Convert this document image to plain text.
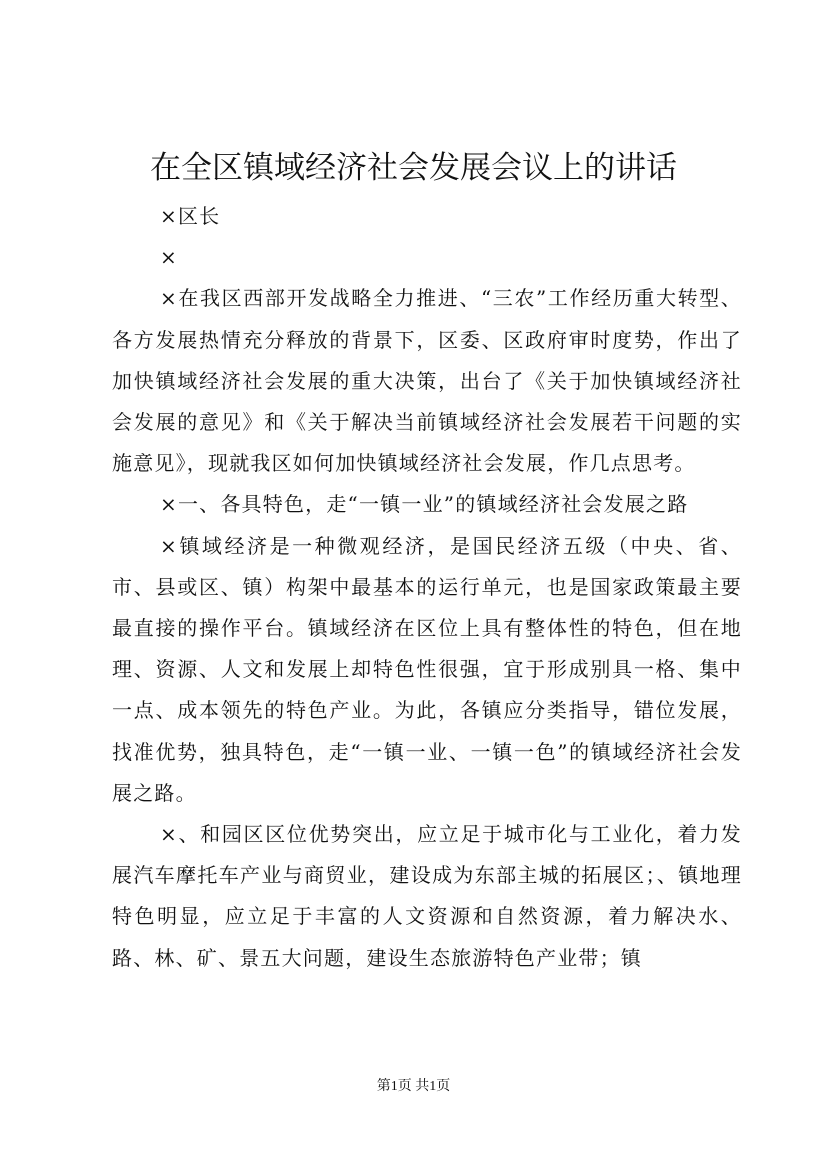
在全区镇域经济社会发展会议上的讲话

×区长

×

×在我区西部开发战略全力推进、“三农”工作经历重大转型、各方发展热情充分释放的背景下，区委、区政府审时度势，作出了加快镇域经济社会发展的重大决策，出台了《关于加快镇域经济社会发展的意见》和《关于解决当前镇域经济社会发展若干问题的实施意见》，现就我区如何加快镇域经济社会发展，作几点思考。

×一、各具特色，走“一镇一业”的镇域经济社会发展之路

×镇域经济是一种微观经济，是国民经济五级（中央、省、市、县或区、镇）构架中最基本的运行单元，也是国家政策最主要最直接的操作平台。镇域经济在区位上具有整体性的特色，但在地理、资源、人文和发展上却特色性很强，宜于形成别具一格、集中一点、成本领先的特色产业。为此，各镇应分类指导，错位发展，找准优势，独具特色，走“一镇一业、一镇一色”的镇域经济社会发展之路。

×、和园区区位优势突出，应立足于城市化与工业化，着力发展汽车摩托车产业与商贸业，建设成为东部主城的拓展区；、镇地理特色明显，应立足于丰富的人文资源和自然资源，着力解决水、路、林、矿、景五大问题，建设生态旅游特色产业带；镇

第1页 共1页
